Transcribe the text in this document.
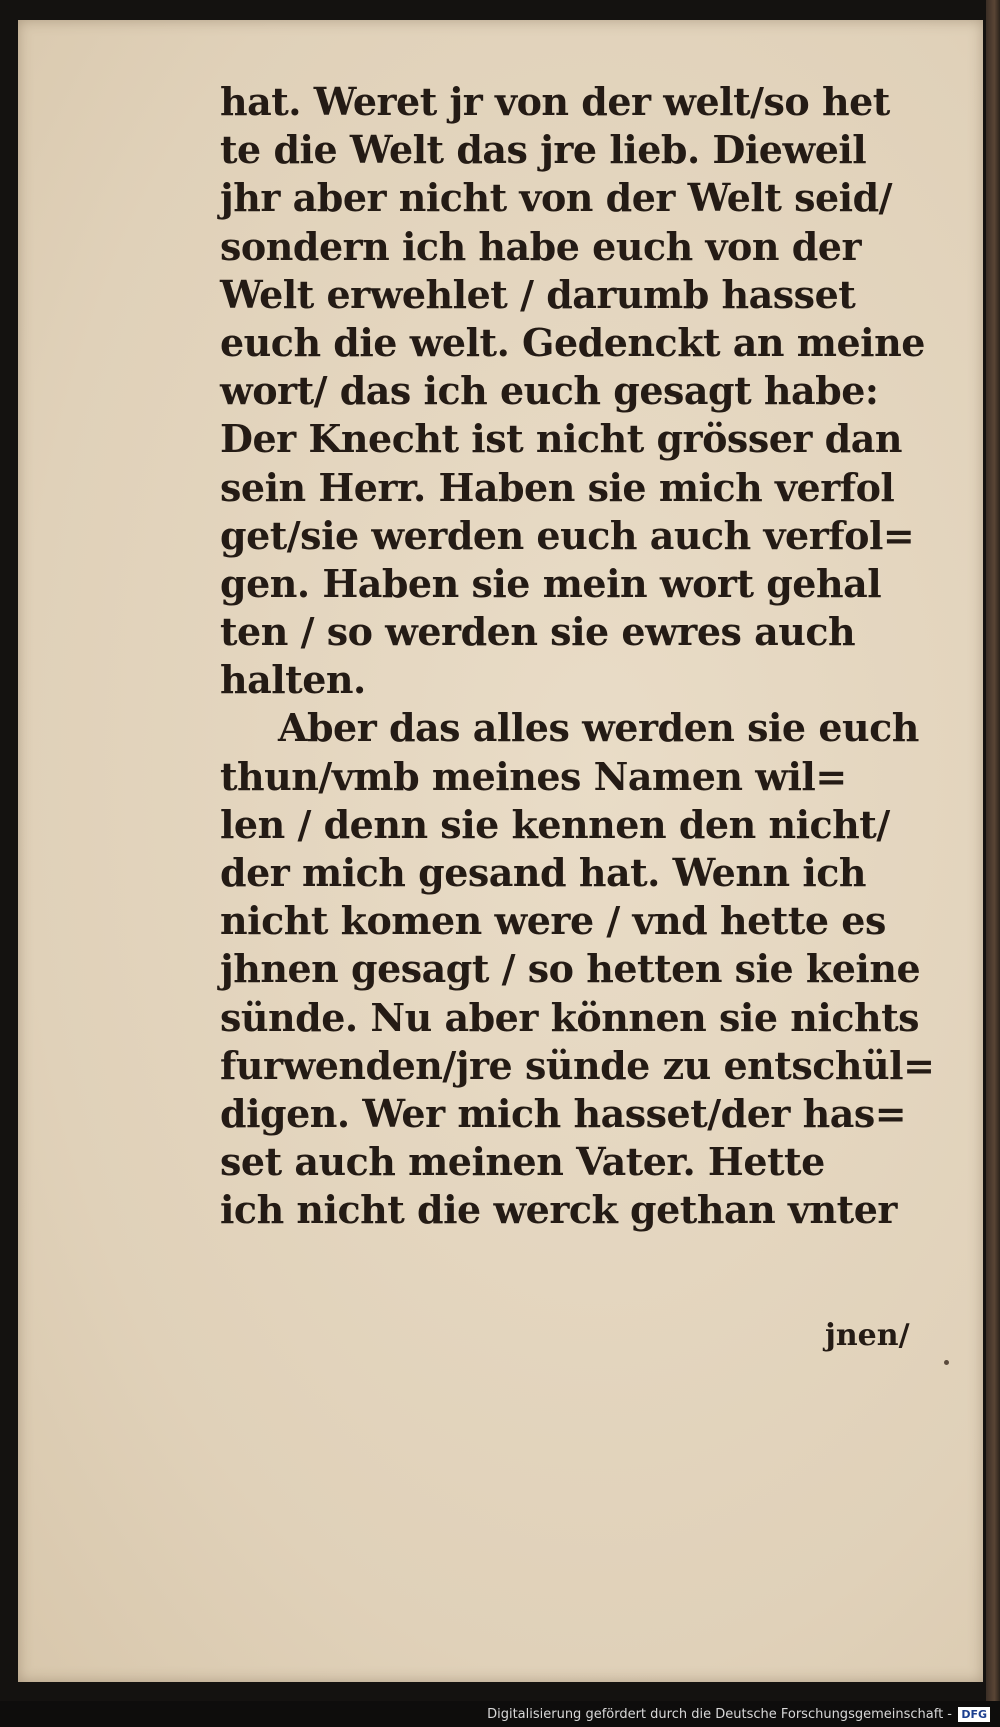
hat. Weret jr von der welt/so het
te die Welt das jre lieb. Dieweil
jhr aber nicht von der Welt seid/
sondern ich habe euch von der
Welt erwehlet / darumb hasset
euch die welt. Gedenckt an meine
wort/ das ich euch gesagt habe:
Der Knecht ist nicht grösser dan
sein Herr. Haben sie mich verfol
get/sie werden euch auch verfol=
gen. Haben sie mein wort gehal
ten / so werden sie ewres auch
halten.
Aber das alles werden sie euch
thun/vmb meines Namen wil=
len / denn sie kennen den nicht/
der mich gesand hat. Wenn ich
nicht komen were / vnd hette es
jhnen gesagt / so hetten sie keine
sünde. Nu aber können sie nichts
furwenden/jre sünde zu entschül=
digen. Wer mich hasset/der has=
set auch meinen Vater. Hette
ich nicht die werck gethan vnter
jnen/
Digitalisierung gefördert durch die Deutsche Forschungsgemeinschaft - DFG
